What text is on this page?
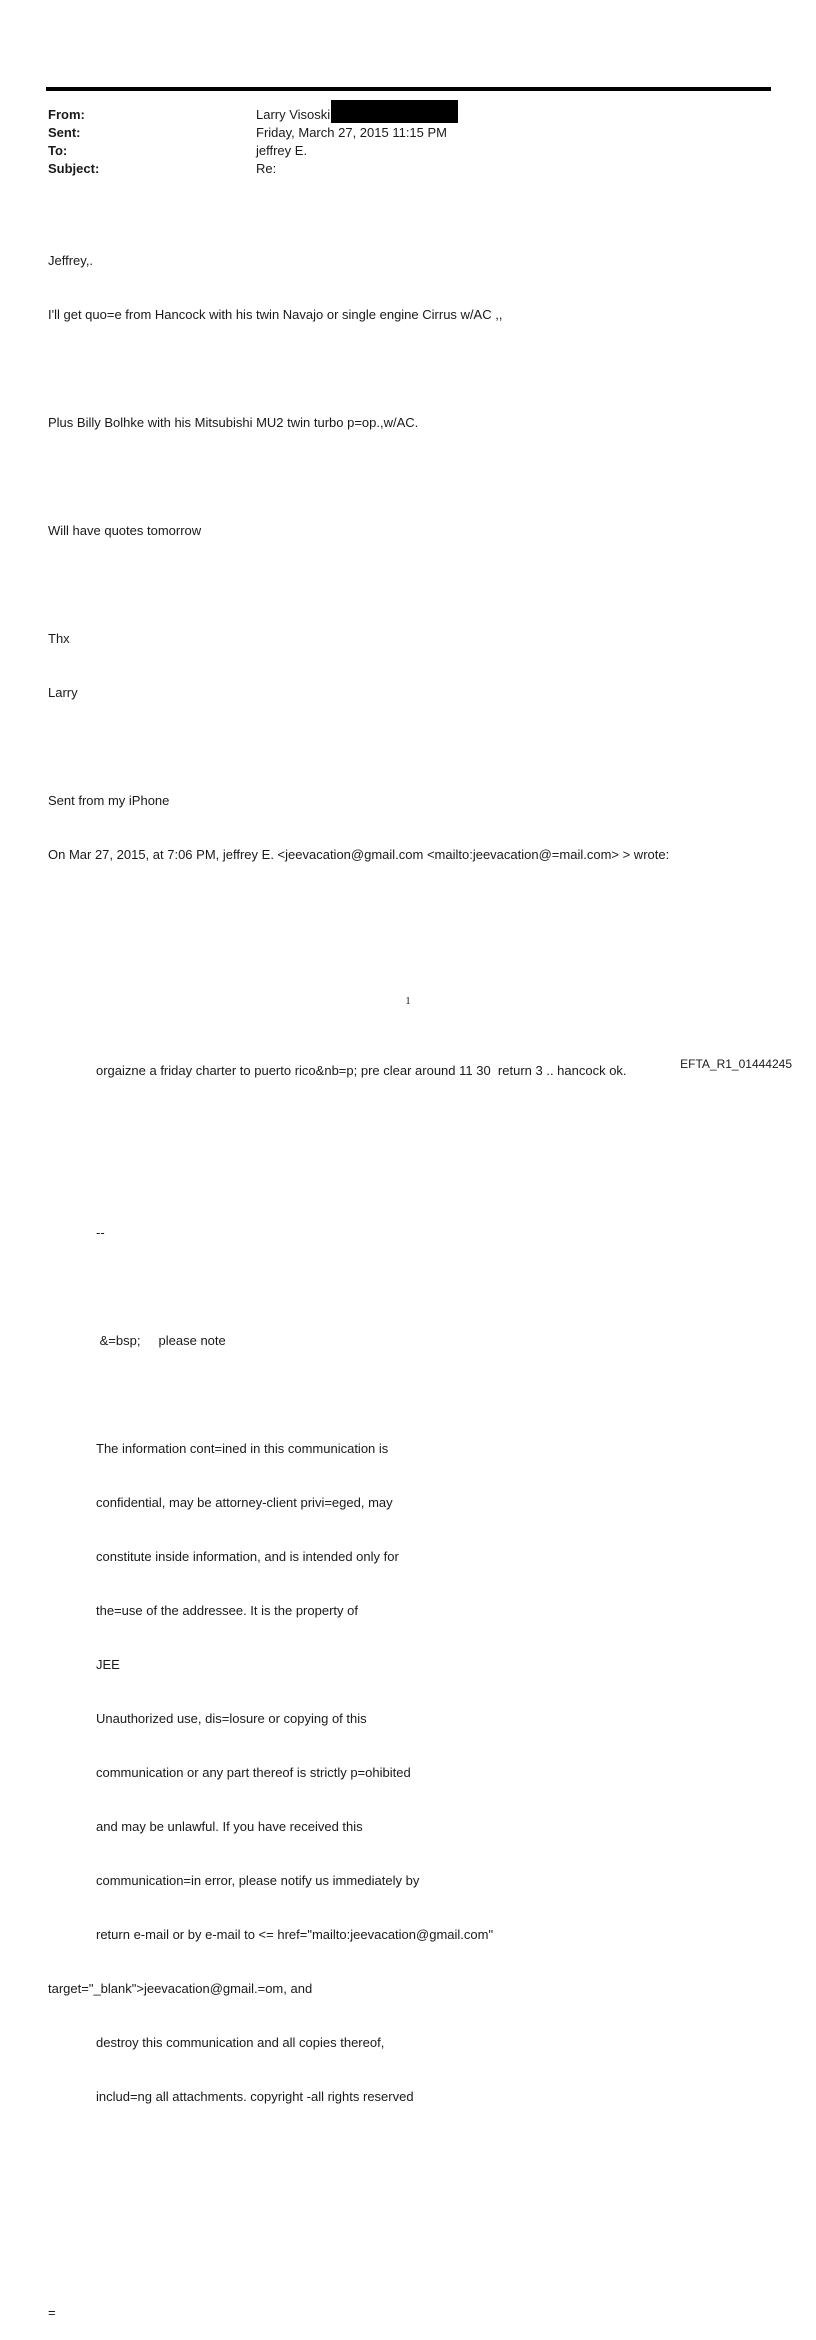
From:	Larry Visoski
Sent:	Friday, March 27, 2015 11:15 PM
To:	jeffrey E.
Subject:	Re:

Jeffrey,.

I'll get quo=e from Hancock with his twin Navajo or single engine Cirrus w/AC ,,

Plus Billy Bolhke with his Mitsubishi MU2 twin turbo p=op.,w/AC.

Will have quotes tomorrow

Thx

Larry

Sent from my iPhone

On Mar 27, 2015, at 7:06 PM, jeffrey E. <jeevacation@gmail.com <mailto:jeevacation@=mail.com> > wrote:

orgaizne a friday charter to puerto rico&nb=p; pre clear around 11 30  return 3 .. hancock ok.

--

&=bsp;     please note

The information cont=ined in this communication is

confidential, may be attorney-client privi=eged, may

constitute inside information, and is intended only for

the=use of the addressee. It is the property of

JEE

Unauthorized use, dis=losure or copying of this

communication or any part thereof is strictly p=ohibited

and may be unlawful. If you have received this

communication=in error, please notify us immediately by

return e-mail or by e-mail to <= href="mailto:jeevacation@gmail.com"

target="_blank">jeevacation@gmail.=om, and

destroy this communication and all copies thereof,

includ=ng all attachments. copyright -all rights reserved

=

1
EFTA_R1_01444245
